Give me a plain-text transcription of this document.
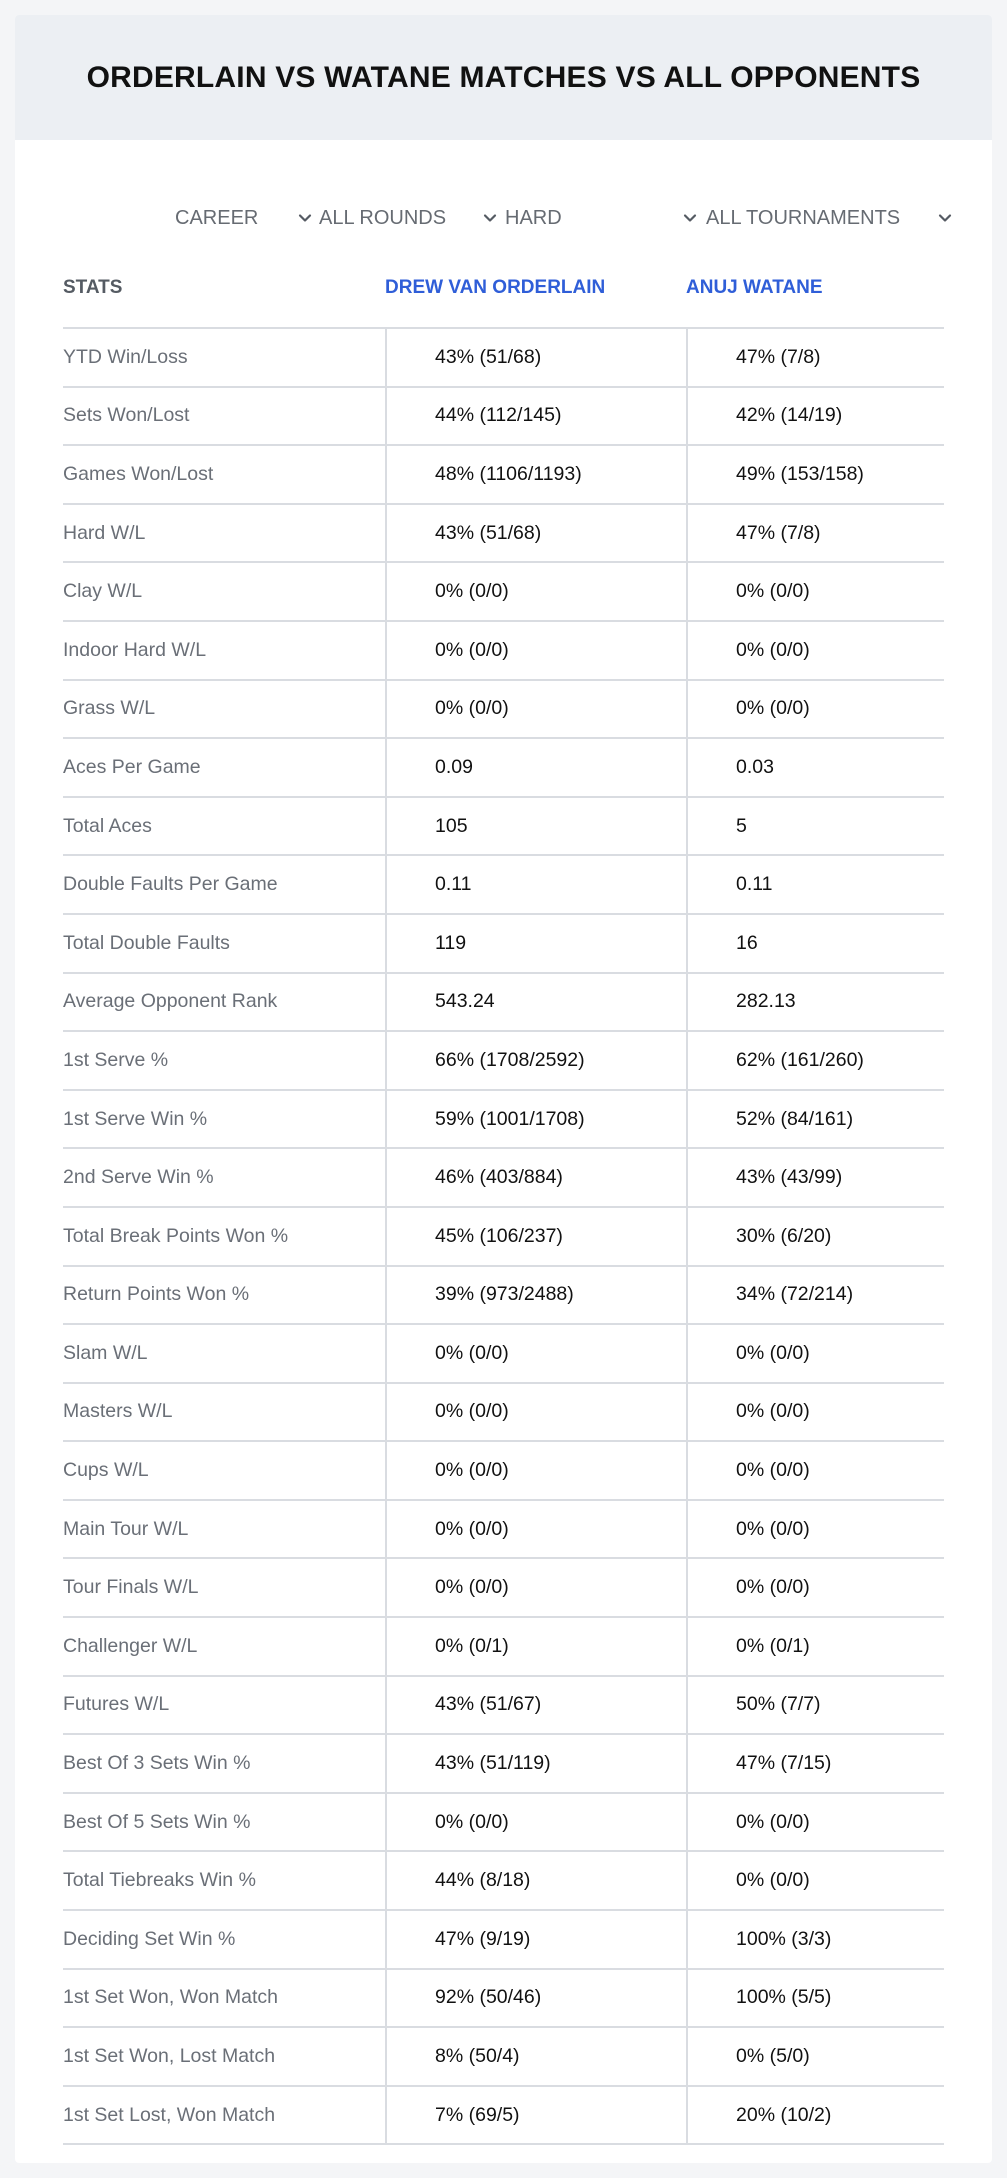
ORDERLAIN VS WATANE MATCHES VS ALL OPPONENTS
CAREER	ALL ROUNDS	HARD	ALL TOURNAMENTS
STATS	DREW VAN ORDERLAIN	ANUJ WATANE
YTD Win/Loss	43% (51/68)	47% (7/8)
Sets Won/Lost	44% (112/145)	42% (14/19)
Games Won/Lost	48% (1106/1193)	49% (153/158)
Hard W/L	43% (51/68)	47% (7/8)
Clay W/L	0% (0/0)	0% (0/0)
Indoor Hard W/L	0% (0/0)	0% (0/0)
Grass W/L	0% (0/0)	0% (0/0)
Aces Per Game	0.09	0.03
Total Aces	105	5
Double Faults Per Game	0.11	0.11
Total Double Faults	119	16
Average Opponent Rank	543.24	282.13
1st Serve %	66% (1708/2592)	62% (161/260)
1st Serve Win %	59% (1001/1708)	52% (84/161)
2nd Serve Win %	46% (403/884)	43% (43/99)
Total Break Points Won %	45% (106/237)	30% (6/20)
Return Points Won %	39% (973/2488)	34% (72/214)
Slam W/L	0% (0/0)	0% (0/0)
Masters W/L	0% (0/0)	0% (0/0)
Cups W/L	0% (0/0)	0% (0/0)
Main Tour W/L	0% (0/0)	0% (0/0)
Tour Finals W/L	0% (0/0)	0% (0/0)
Challenger W/L	0% (0/1)	0% (0/1)
Futures W/L	43% (51/67)	50% (7/7)
Best Of 3 Sets Win %	43% (51/119)	47% (7/15)
Best Of 5 Sets Win %	0% (0/0)	0% (0/0)
Total Tiebreaks Win %	44% (8/18)	0% (0/0)
Deciding Set Win %	47% (9/19)	100% (3/3)
1st Set Won, Won Match	92% (50/46)	100% (5/5)
1st Set Won, Lost Match	8% (50/4)	0% (5/0)
1st Set Lost, Won Match	7% (69/5)	20% (10/2)
